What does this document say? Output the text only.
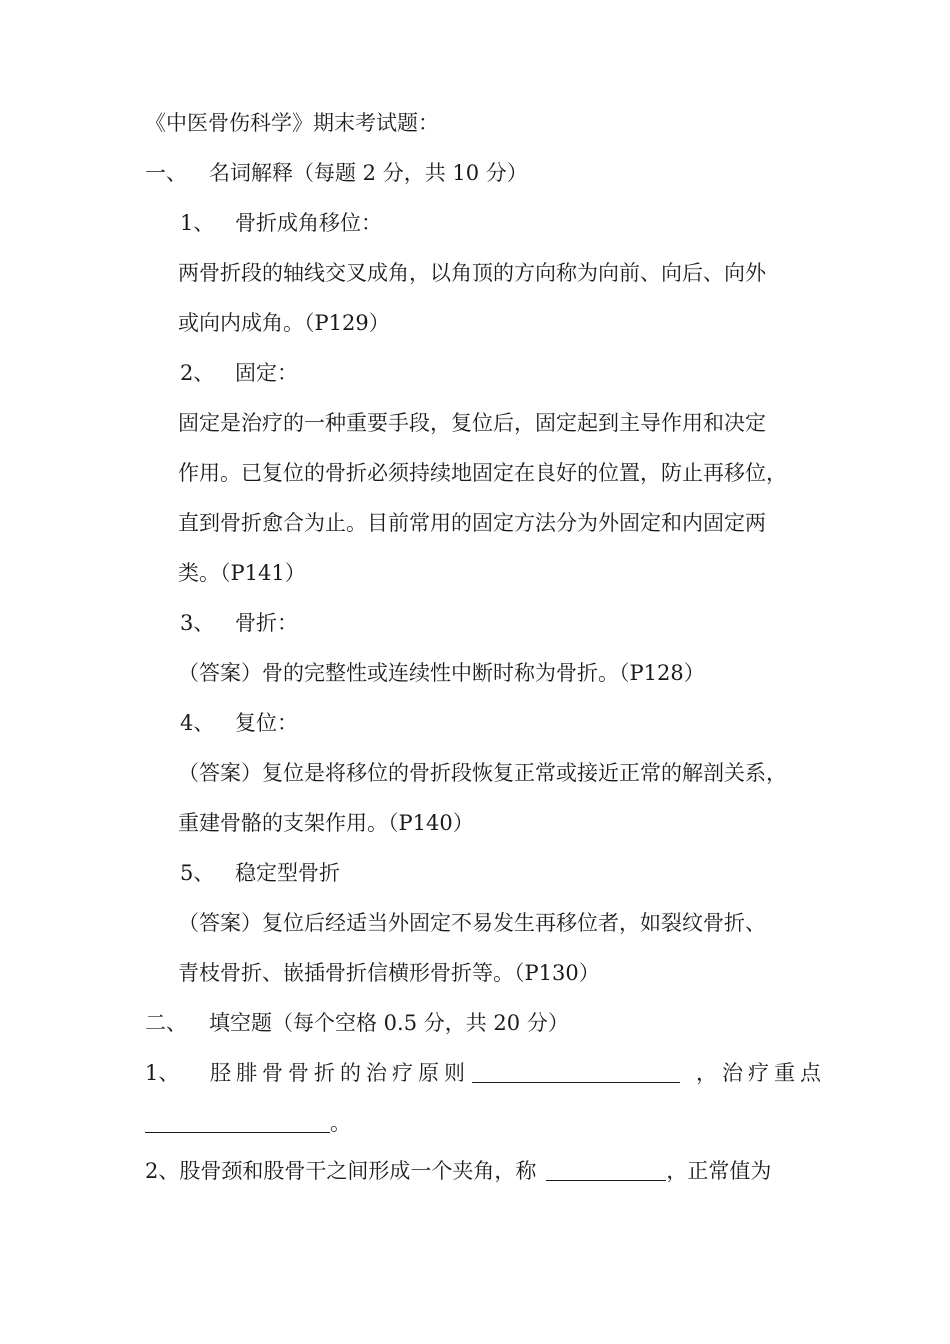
《中医骨伤科学》期末考试题：
一、 名词解释（每题 2 分，共 10 分）
1、 骨折成角移位：
两骨折段的轴线交叉成角，以角顶的方向称为向前、向后、向外
或向内成角。（P129）
2、 固定：
固定是治疗的一种重要手段，复位后，固定起到主导作用和决定
作用。已复位的骨折必须持续地固定在良好的位置，防止再移位，
直到骨折愈合为止。目前常用的固定方法分为外固定和内固定两
类。（P141）
3、 骨折：
（答案）骨的完整性或连续性中断时称为骨折。（P128）
4、 复位：
（答案）复位是将移位的骨折段恢复正常或接近正常的解剖关系，
重建骨骼的支架作用。（P140）
5、 稳定型骨折
（答案）复位后经适当外固定不易发生再移位者，如裂纹骨折、
青枝骨折、嵌插骨折信横形骨折等。（P130）
二、 填空题（每个空格 0.5 分，共 20 分）
1、 胫腓骨骨折的治疗原则	，治疗重点
。
2、股骨颈和股骨干之间形成一个夹角，称	，正常值为
